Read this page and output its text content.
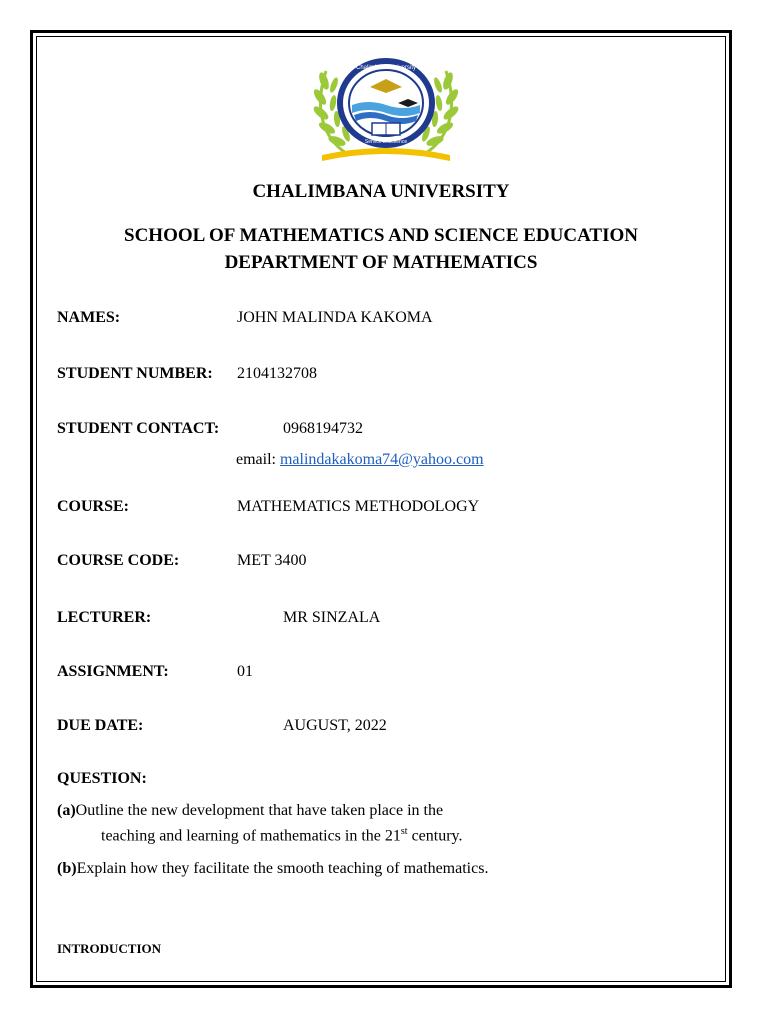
Chalimbana University
Service Excellence
CHALIMBANA UNIVERSITY
SCHOOL OF MATHEMATICS AND SCIENCE EDUCATION
DEPARTMENT OF MATHEMATICS
NAMES:	JOHN MALINDA KAKOMA
STUDENT NUMBER: 2104132708
STUDENT CONTACT:	0968194732
email: malindakakoma74@yahoo.com
COURSE:	MATHEMATICS METHODOLOGY
COURSE CODE:	MET 3400
LECTURER:	MR SINZALA
ASSIGNMENT:	01
DUE DATE:	AUGUST, 2022
QUESTION:
(a)Outline the new development that have taken place in the
teaching and learning of mathematics in the 21st century.
(b)Explain how they facilitate the smooth teaching of mathematics.
INTRODUCTION
